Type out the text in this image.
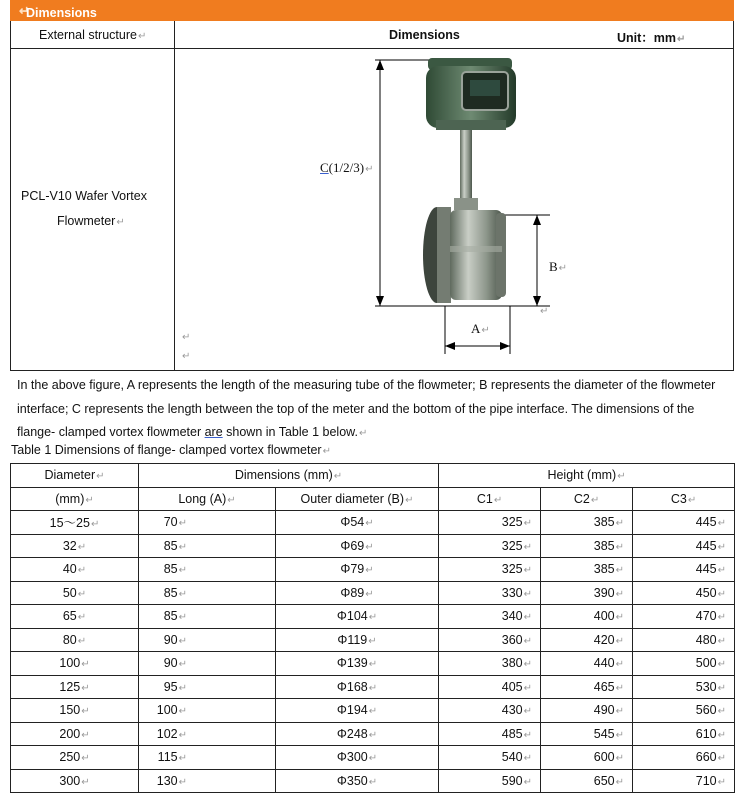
Dimensions
↵
External structure↵	Dimensions	Unit：mm↵
PCL-V10 Wafer Vortex
Flowmeter↵
↵
↵
C(1/2/3)↵
B↵
A↵
↵
In the above figure, A represents the length of the measuring tube of the flowmeter; B represents the diameter of the flowmeter interface; C represents the length between the top of the meter and the bottom of the pipe interface. The dimensions of the flange- clamped vortex flowmeter are shown in Table 1 below.↵
Table 1 Dimensions of flange- clamped vortex flowmeter↵
Diameter↵	Dimensions (mm)↵		Height (mm)↵		
(mm)↵	Long (A)↵	Outer diameter (B)↵	C1↵	C2↵	C3↵
15～25↵	70↵	Φ54↵	325↵	385↵	445↵
32↵	85↵	Φ69↵	325↵	385↵	445↵
40↵	85↵	Φ79↵	325↵	385↵	445↵
50↵	85↵	Φ89↵	330↵	390↵	450↵
65↵	85↵	Φ104↵	340↵	400↵	470↵
80↵	90↵	Φ119↵	360↵	420↵	480↵
100↵	90↵	Φ139↵	380↵	440↵	500↵
125↵	95↵	Φ168↵	405↵	465↵	530↵
150↵	100↵	Φ194↵	430↵	490↵	560↵
200↵	102↵	Φ248↵	485↵	545↵	610↵
250↵	115↵	Φ300↵	540↵	600↵	660↵
300↵	130↵	Φ350↵	590↵	650↵	710↵
